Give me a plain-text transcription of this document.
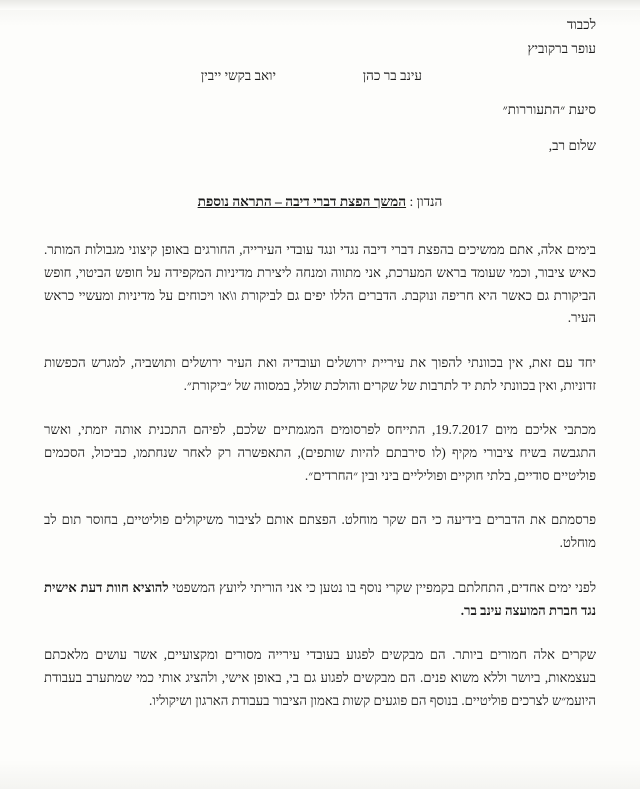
לכבוד
עופר ברקוביץ
עינב בר כהן
יואב בקשי ייבין
סיעת ״התעוררות״
שלום רב,
הנדון : המשך הפצת דברי דיבה – התראה נוספת

בימים אלה, אתם ממשיכים בהפצת דברי דיבה נגדי ונגד עובדי העירייה, החורגים באופן קיצוני מגבולות המותר. כאיש ציבור, וכמי שעומד בראש המערכת, אני מתווה ומנחה ליצירת מדיניות המקפידה על חופש הביטוי, חופש הביקורת גם כאשר היא חריפה ונוקבת. הדברים הללו יפים גם לביקורת ו\או ויכוחים על מדיניות ומעשיי כראש העיר.

יחד עם זאת, אין בכוונתי להפוך את עיריית ירושלים ועובדיה ואת העיר ירושלים ותושביה, למגרש הכפשות זדוניות, ואין בכוונתי לתת יד לתרבות של שקרים והולכת שולל, במסווה של ״ביקורת״.

מכתבי אליכם מיום 19.7.2017, התייחס לפרסומים המגמתיים שלכם, לפיהם התכנית אותה יזמתי, ואשר התגבשה בשיח ציבורי מקיף (לו סירבתם להיות שותפים), התאפשרה רק לאחר שנחתמו, כביכול, הסכמים פוליטיים סודיים, בלתי חוקיים ופוליליים ביני ובין ״החרדים״.

פרסמתם את הדברים בידיעה כי הם שקר מוחלט. הפצתם אותם לציבור משיקולים פוליטיים, בחוסר תום לב מוחלט.

לפני ימים אחדים, התחלתם בקמפיין שקרי נוסף בו נטען כי אני הוריתי ליועץ המשפטי להוציא חוות דעת אישית נגד חברת המועצה עינב בר.

שקרים אלה חמורים ביותר. הם מבקשים לפגוע בעובדי עירייה מסורים ומקצועיים, אשר עושים מלאכתם בעצמאות, ביושר וללא משוא פנים. הם מבקשים לפגוע גם בי, באופן אישי, ולהציג אותי כמי שמתערב בעבודת היועמ״ש לצרכים פוליטיים. בנוסף הם פוגעים קשות באמון הציבור בעבודת הארגון ושיקוליו.
